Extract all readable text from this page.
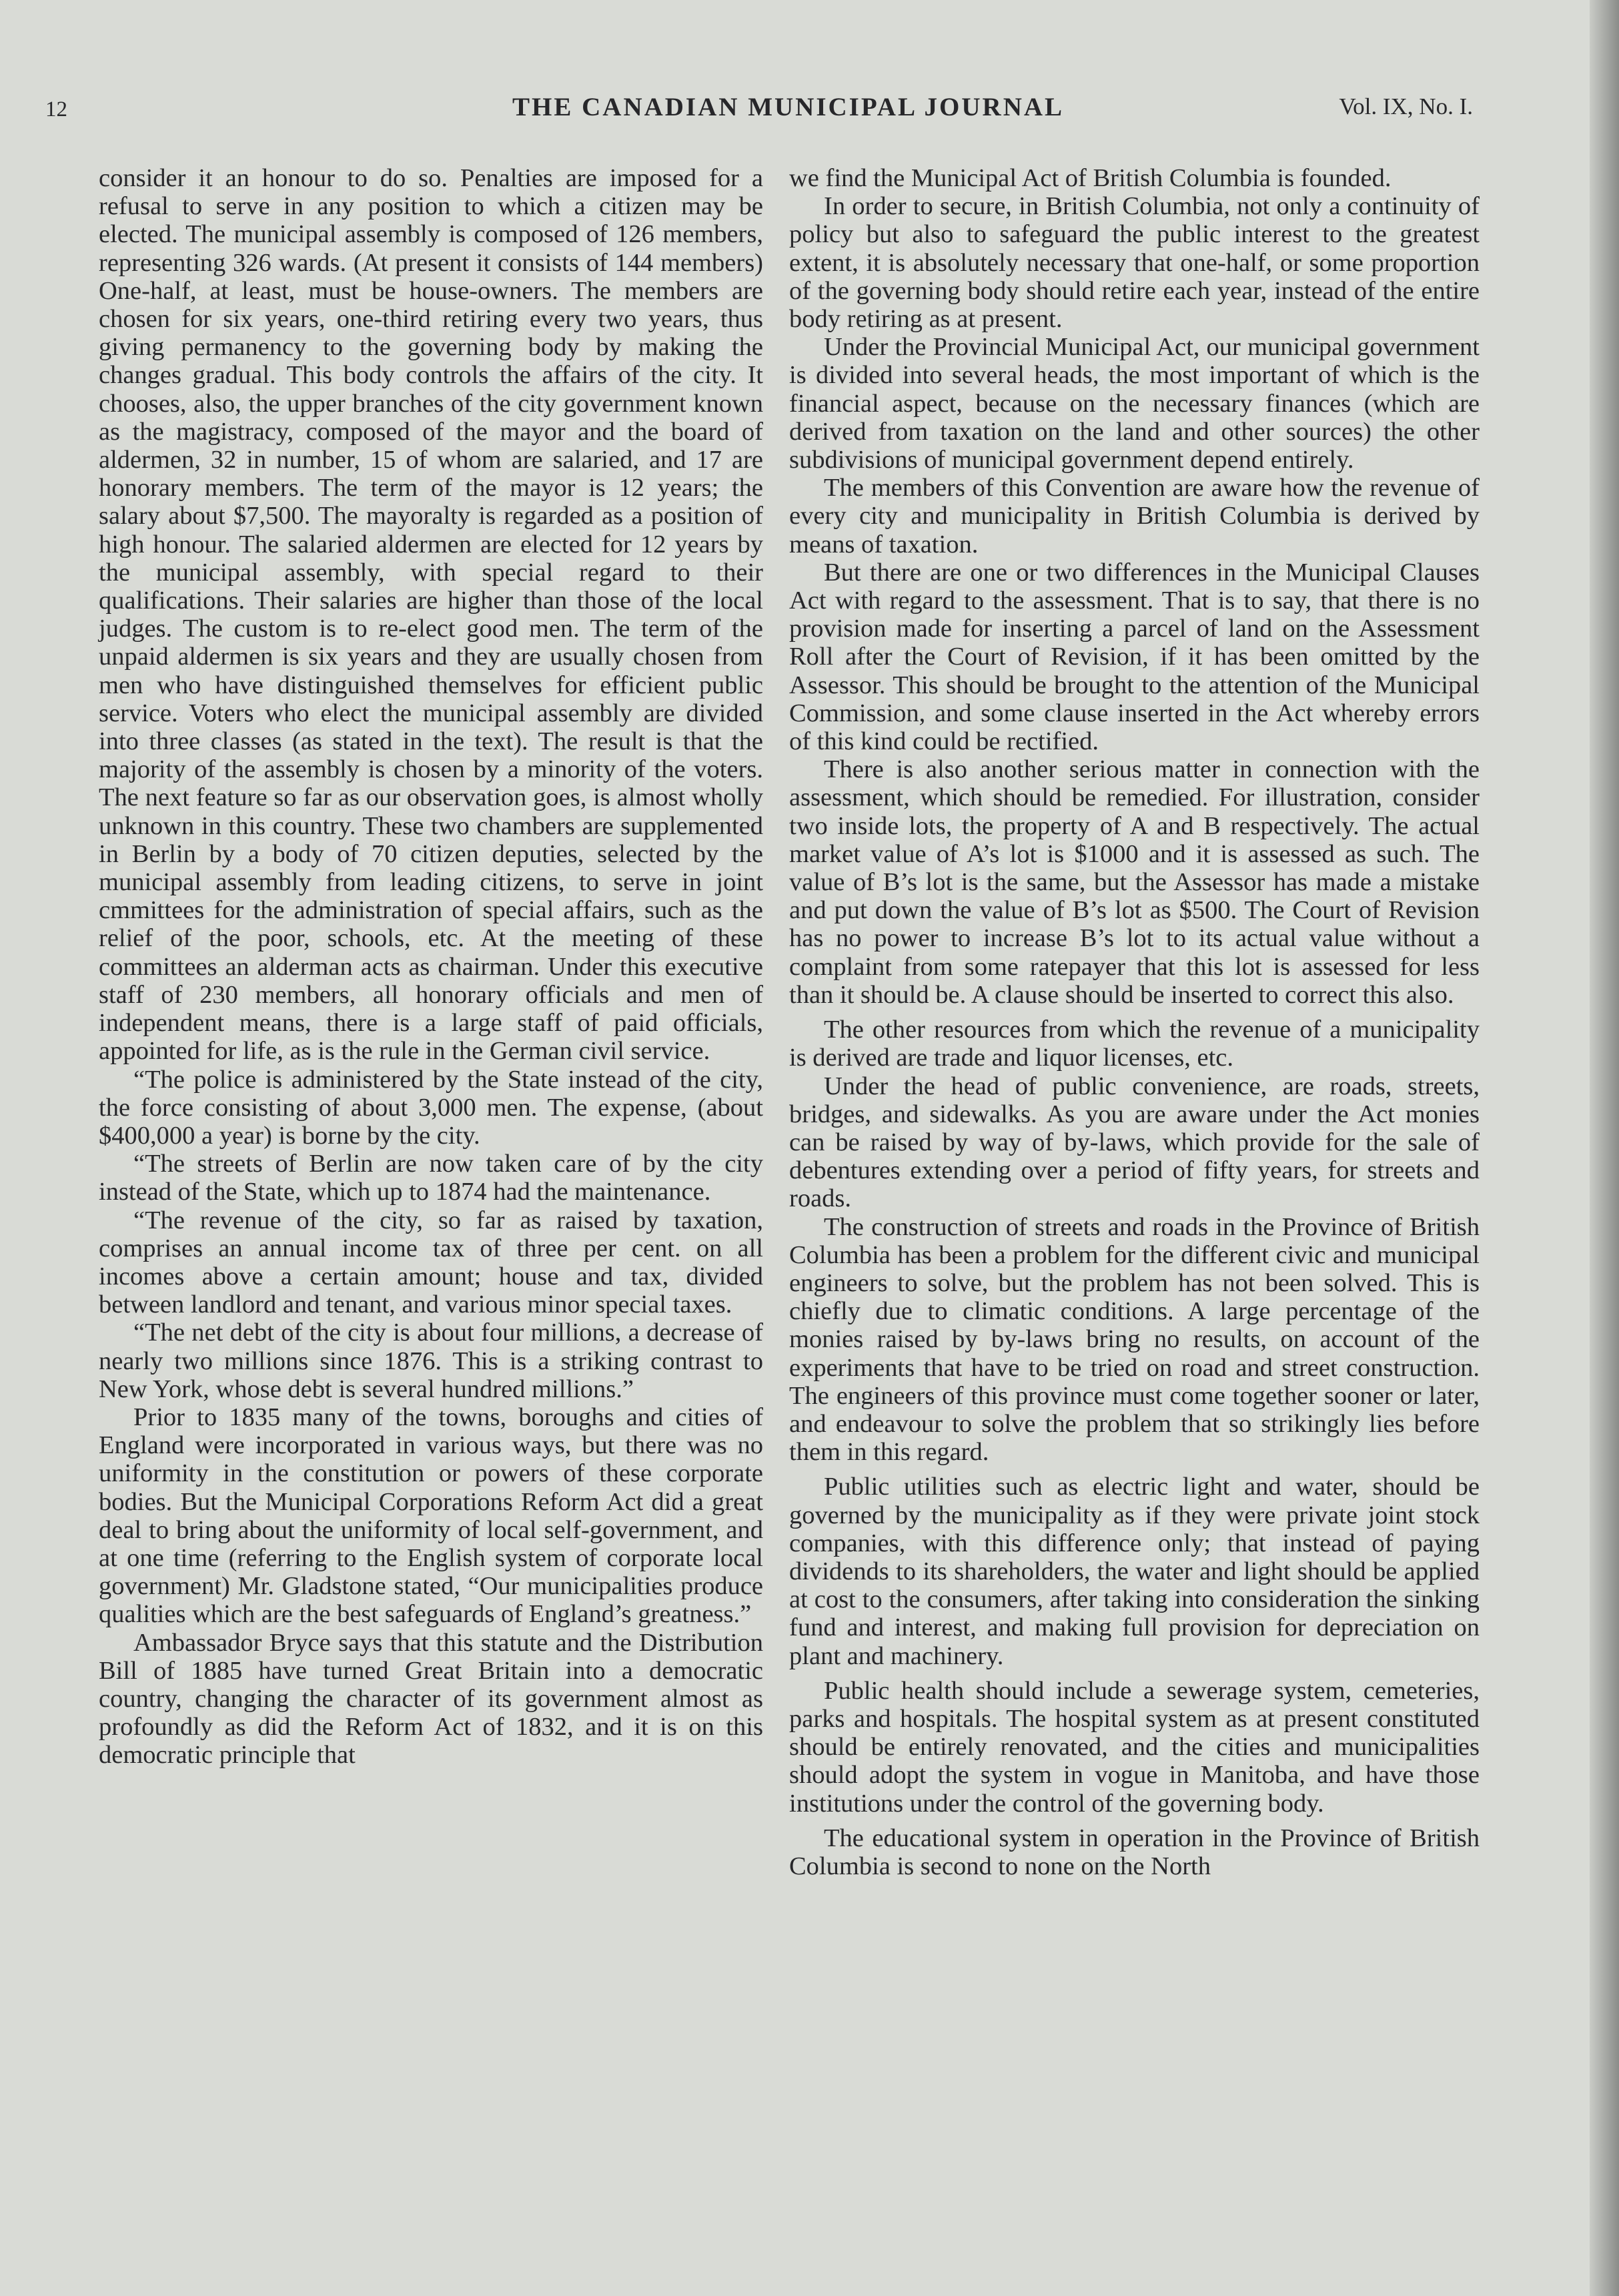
12	THE CANADIAN MUNICIPAL JOURNAL	Vol. IX, No. I.

consider it an honour to do so. Penalties are imposed for a refusal to serve in any position to which a citizen may be elected. The municipal assembly is composed of 126 members, representing 326 wards. (At present it consists of 144 members) One-half, at least, must be house-owners. The members are chosen for six years, one-third retiring every two years, thus giving permanency to the governing body by making the changes gradual. This body controls the affairs of the city. It chooses, also, the upper branches of the city government known as the magistracy, composed of the mayor and the board of aldermen, 32 in number, 15 of whom are salaried, and 17 are honorary members. The term of the mayor is 12 years; the salary about $7,500. The mayoralty is regarded as a position of high honour. The salaried aldermen are elected for 12 years by the municipal assembly, with special regard to their qualifications. Their salaries are higher than those of the local judges. The custom is to re-elect good men. The term of the unpaid aldermen is six years and they are usually chosen from men who have distinguished themselves for efficient public service. Voters who elect the municipal assembly are divided into three classes (as stated in the text). The result is that the majority of the assembly is chosen by a minority of the voters. The next feature so far as our observation goes, is almost wholly unknown in this country. These two chambers are supplemented in Berlin by a body of 70 citizen deputies, selected by the municipal assembly from leading citizens, to serve in joint cmmittees for the administration of special affairs, such as the relief of the poor, schools, etc. At the meeting of these committees an alderman acts as chairman. Under this executive staff of 230 members, all honorary officials and men of independent means, there is a large staff of paid officials, appointed for life, as is the rule in the German civil service.

“The police is administered by the State instead of the city, the force consisting of about 3,000 men. The expense, (about $400,000 a year) is borne by the city.

“The streets of Berlin are now taken care of by the city instead of the State, which up to 1874 had the maintenance.

“The revenue of the city, so far as raised by taxation, comprises an annual income tax of three per cent. on all incomes above a certain amount; house and tax, divided between landlord and tenant, and various minor special taxes.

“The net debt of the city is about four millions, a decrease of nearly two millions since 1876. This is a striking contrast to New York, whose debt is several hundred millions.”

Prior to 1835 many of the towns, boroughs and cities of England were incorporated in various ways, but there was no uniformity in the constitution or powers of these corporate bodies. But the Municipal Corporations Reform Act did a great deal to bring about the uniformity of local self-government, and at one time (referring to the English system of corporate local government) Mr. Gladstone stated, “Our municipalities produce qualities which are the best safeguards of England’s greatness.”

Ambassador Bryce says that this statute and the Distribution Bill of 1885 have turned Great Britain into a democratic country, changing the character of its government almost as profoundly as did the Reform Act of 1832, and it is on this democratic principle that

we find the Municipal Act of British Columbia is founded.

In order to secure, in British Columbia, not only a continuity of policy but also to safeguard the public interest to the greatest extent, it is absolutely necessary that one-half, or some proportion of the governing body should retire each year, instead of the entire body retiring as at present.

Under the Provincial Municipal Act, our municipal government is divided into several heads, the most important of which is the financial aspect, because on the necessary finances (which are derived from taxation on the land and other sources) the other subdivisions of municipal government depend entirely.

The members of this Convention are aware how the revenue of every city and municipality in British Columbia is derived by means of taxation.

But there are one or two differences in the Municipal Clauses Act with regard to the assessment. That is to say, that there is no provision made for inserting a parcel of land on the Assessment Roll after the Court of Revision, if it has been omitted by the Assessor. This should be brought to the attention of the Municipal Commission, and some clause inserted in the Act whereby errors of this kind could be rectified.

There is also another serious matter in connection with the assessment, which should be remedied. For illustration, consider two inside lots, the property of A and B respectively. The actual market value of A’s lot is $1000 and it is assessed as such. The value of B’s lot is the same, but the Assessor has made a mistake and put down the value of B’s lot as $500. The Court of Revision has no power to increase B’s lot to its actual value without a complaint from some ratepayer that this lot is assessed for less than it should be. A clause should be inserted to correct this also.

The other resources from which the revenue of a municipality is derived are trade and liquor licenses, etc.

Under the head of public convenience, are roads, streets, bridges, and sidewalks. As you are aware under the Act monies can be raised by way of by-laws, which provide for the sale of debentures extending over a period of fifty years, for streets and roads.

The construction of streets and roads in the Province of British Columbia has been a problem for the different civic and municipal engineers to solve, but the problem has not been solved. This is chiefly due to climatic conditions. A large percentage of the monies raised by by-laws bring no results, on account of the experiments that have to be tried on road and street construction. The engineers of this province must come together sooner or later, and endeavour to solve the problem that so strikingly lies before them in this regard.

Public utilities such as electric light and water, should be governed by the municipality as if they were private joint stock companies, with this difference only; that instead of paying dividends to its shareholders, the water and light should be applied at cost to the consumers, after taking into consideration the sinking fund and interest, and making full provision for depreciation on plant and machinery.

Public health should include a sewerage system, cemeteries, parks and hospitals. The hospital system as at present constituted should be entirely renovated, and the cities and municipalities should adopt the system in vogue in Manitoba, and have those institutions under the control of the governing body.

The educational system in operation in the Province of British Columbia is second to none on the North
